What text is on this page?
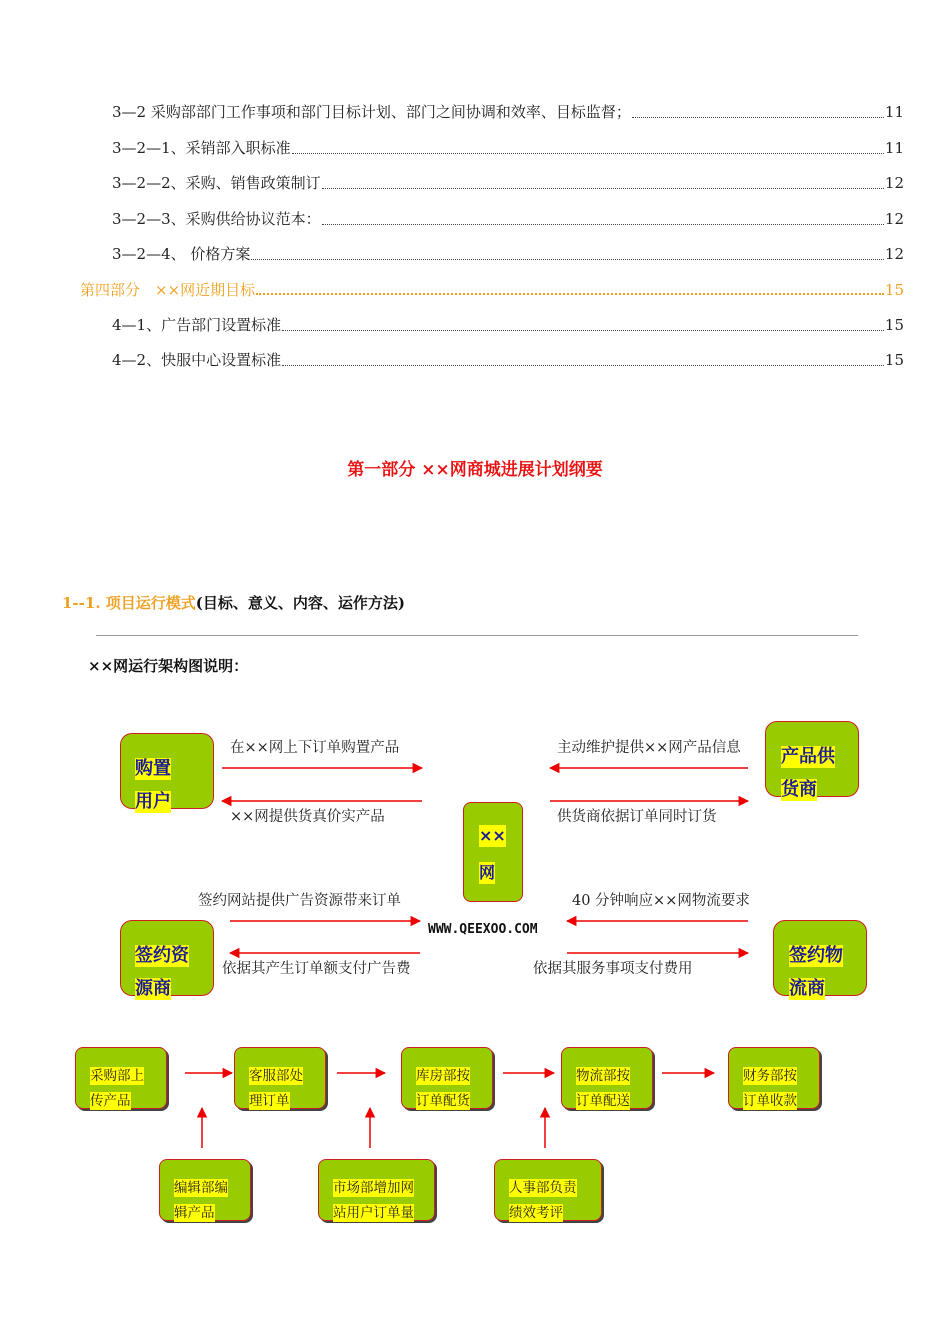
3—2 采购部部门工作事项和部门目标计划、部门之间协调和效率、目标监督；	11
3—2—1、采销部入职标准	11
3—2—2、采购、销售政策制订	12
3—2—3、采购供给协议范本：	12
3—2—4、 价格方案	12
第四部分　××网近期目标	15
4—1、广告部门设置标准	15
4—2、快服中心设置标准	15
第一部分 ××网商城进展计划纲要
1--1. 项目运行模式(目标、意义、内容、运作方法)
××网运行架构图说明：
在××网上下订单购置产品
××网提供货真价实产品
主动维护提供××网产品信息
供货商依据订单同时订货
签约网站提供广告资源带来订单
依据其产生订单额支付广告费
40 分钟响应××网物流要求
依据其服务事项支付费用
WWW.QEEXOO.COM
购置
用户
产品供
货商
××
网
签约资
源商
签约物
流商
采购部上
传产品
客服部处
理订单
库房部按
订单配货
物流部按
订单配送
财务部按
订单收款
编辑部编
辑产品
市场部增加网
站用户订单量
人事部负责
绩效考评
